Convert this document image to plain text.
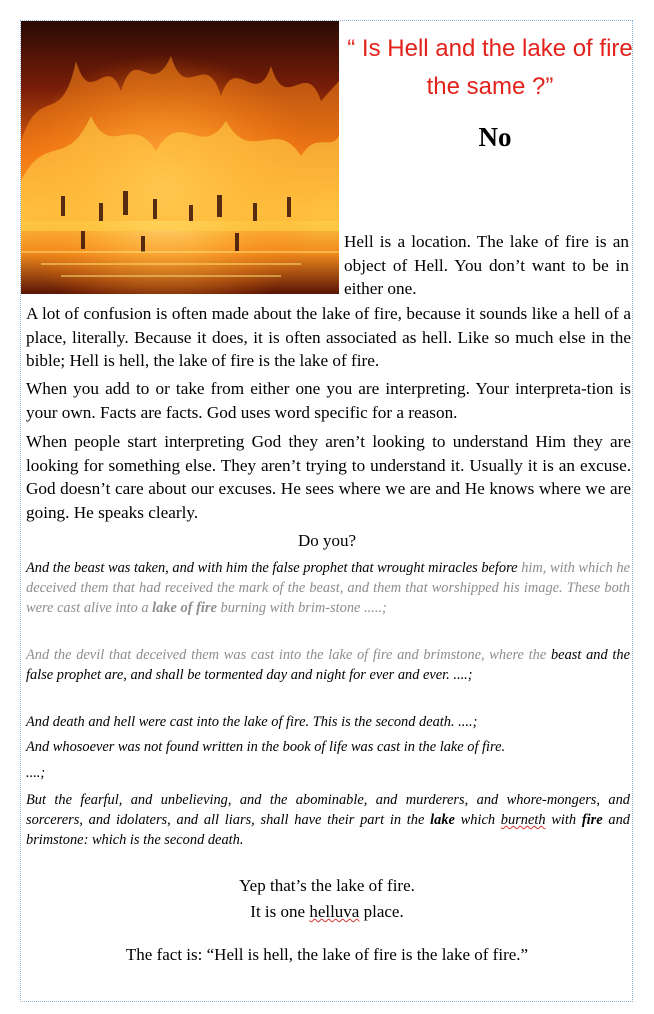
“ Is Hell and the lake of fire the same ?”
No
Hell is a location. The lake of fire is an object of Hell. You don’t want to be in either one.
A lot of confusion is often made about the lake of fire, because it sounds like a hell of a place, literally. Because it does, it is often associated as hell. Like so much else in the bible; Hell is hell, the lake of fire is the lake of fire.
When you add to or take from either one you are interpreting. Your interpreta-tion is your own. Facts are facts. God uses word specific for a reason.
When people start interpreting God they aren’t looking to understand Him they are looking for something else. They aren’t trying to understand it. Usually it is an excuse. God doesn’t care about our excuses. He sees where we are and He knows where we are going. He speaks clearly.
Do you?
And the beast was taken, and with him the false prophet that wrought miracles before him, with which he deceived them that had received the mark of the beast, and them that worshipped his image. These both were cast alive into a lake of fire burning with brim-stone .....;
And the devil that deceived them was cast into the lake of fire and brimstone, where the beast and the false prophet are, and shall be tormented day and night for ever and ever. ....;
And death and hell were cast into the lake of fire. This is the second death. ....;
And whosoever was not found written in the book of life was cast in the lake of fire.
....;
But the fearful, and unbelieving, and the abominable, and murderers, and whore-mongers, and sorcerers, and idolaters, and all liars, shall have their part in the lake which burneth with fire and brimstone: which is the second death.
Yep that’s the lake of fire.
It is one helluva place.
The fact is: “Hell is hell, the lake of fire is the lake of fire.”
